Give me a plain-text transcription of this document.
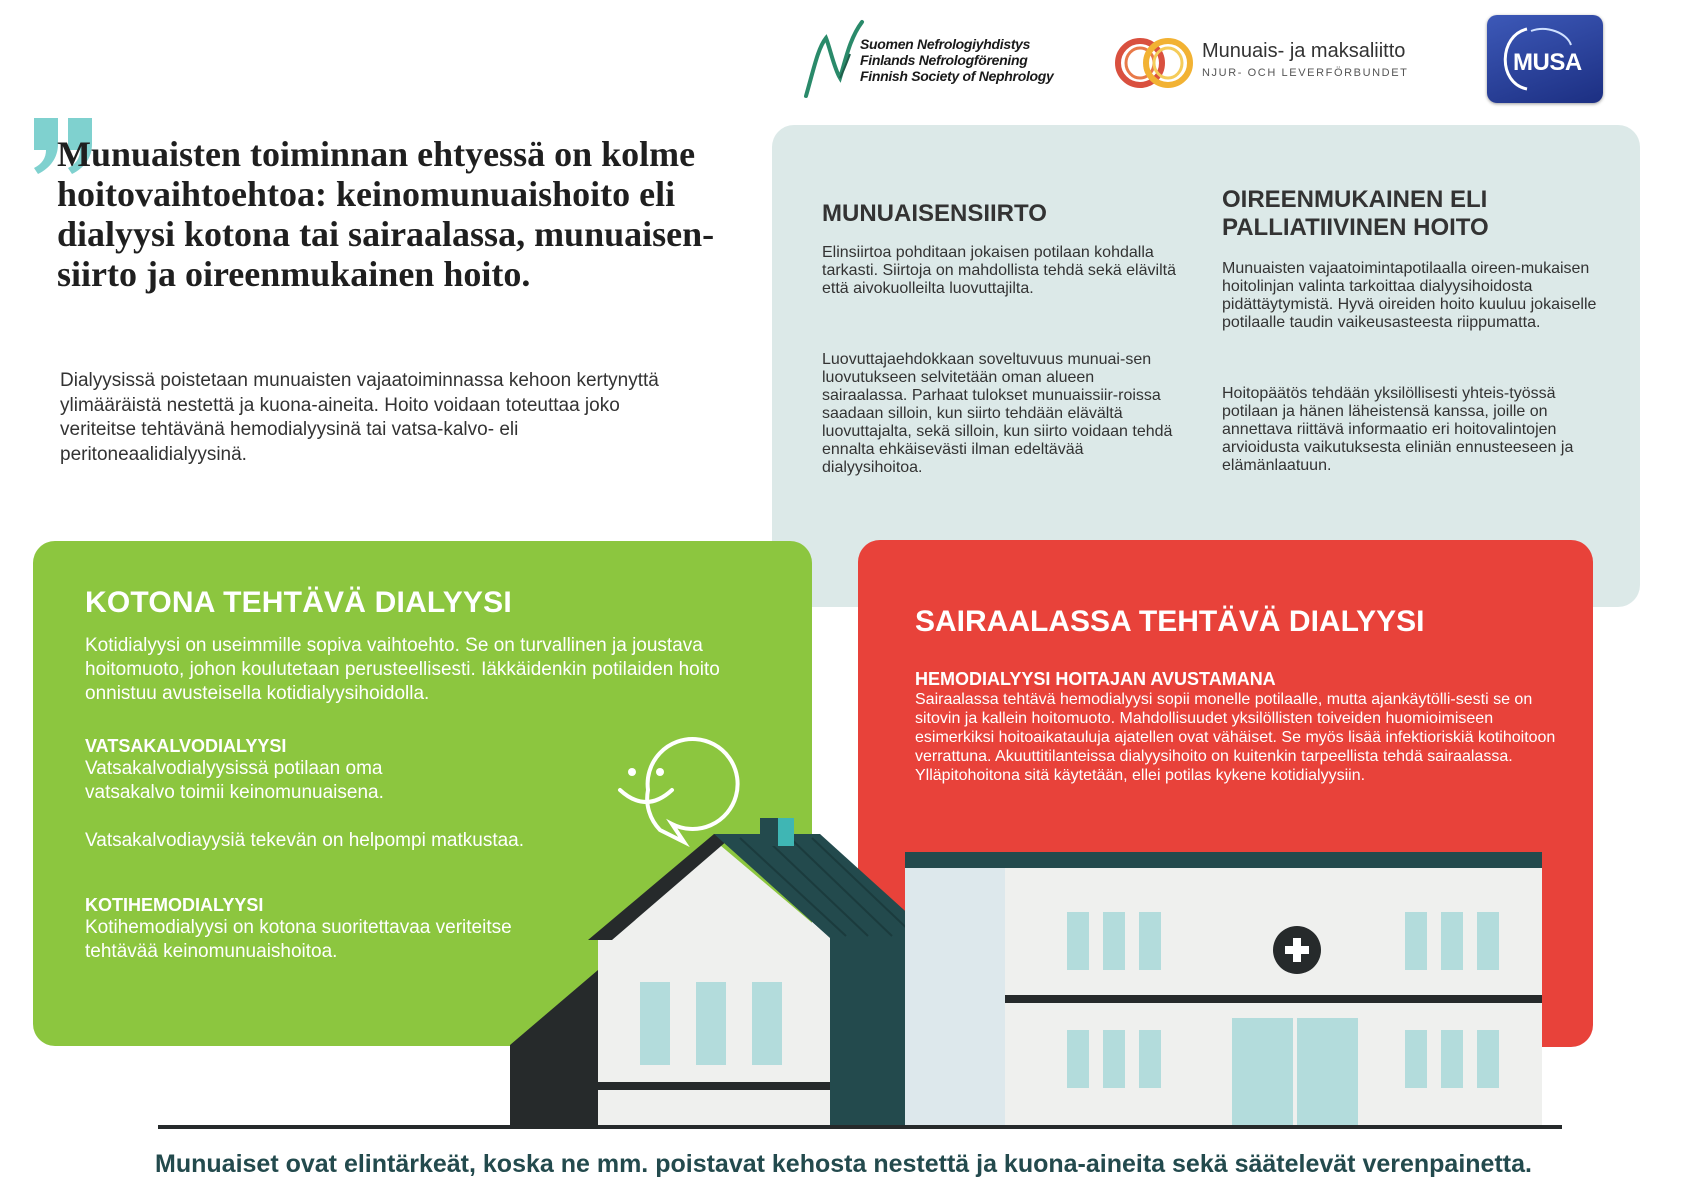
Suomen Nefrologiyhdistys
Finlands Nefrologförening
Finnish Society of Nephrology
Munuais- ja maksaliitto
NJUR- OCH LEVERFÖRBUNDET	MUSA
Munuaisten toiminnan ehtyessä on kolme hoitovaihtoehtoa: keinomunuaishoito eli dialyysi kotona tai sairaalassa, munuaisen-siirto ja oireenmukainen hoito.

Dialyysissä poistetaan munuaisten vajaatoiminnassa kehoon kertynyttä ylimääräistä nestettä ja kuona-aineita. Hoito voidaan toteuttaa joko veriteitse tehtävänä hemodialyysinä tai vatsa-kalvo- eli peritoneaalidialyysinä.

MUNUAISENSIIRTO

Elinsiirtoa pohditaan jokaisen potilaan kohdalla tarkasti. Siirtoja on mahdollista tehdä sekä eläviltä että aivokuolleilta luovuttajilta.

Luovuttajaehdokkaan soveltuvuus munuai-sen luovutukseen selvitetään oman alueen sairaalassa. Parhaat tulokset munuaissiir-roissa saadaan silloin, kun siirto tehdään elävältä luovuttajalta, sekä silloin, kun siirto voidaan tehdä ennalta ehkäisevästi ilman edeltävää dialyysihoitoa.

OIREENMUKAINEN ELI
PALLIATIIVINEN HOITO

Munuaisten vajaatoimintapotilaalla oireen-mukaisen hoitolinjan valinta tarkoittaa dialyysihoidosta pidättäytymistä. Hyvä oireiden hoito kuuluu jokaiselle potilaalle taudin vaikeusasteesta riippumatta.

Hoitopäätös tehdään yksilöllisesti yhteis-työssä potilaan ja hänen läheistensä kanssa, joille on annettava riittävä informaatio eri hoitovalintojen arvioidusta vaikutuksesta eliniän ennusteeseen ja elämänlaatuun.

KOTONA TEHTÄVÄ DIALYYSI

Kotidialyysi on useimmille sopiva vaihtoehto. Se on turvallinen ja joustava hoitomuoto, johon koulutetaan perusteellisesti. Iäkkäidenkin potilaiden hoito onnistuu avusteisella kotidialyysihoidolla.

VATSAKALVODIALYYSI

Vatsakalvodialyysissä potilaan oma vatsakalvo toimii keinomunuaisena.

Vatsakalvodiayysiä tekevän on helpompi matkustaa.

KOTIHEMODIALYYSI

Kotihemodialyysi on kotona suoritettavaa veriteitse tehtävää keinomunuaishoitoa.

SAIRAALASSA TEHTÄVÄ DIALYYSI
HEMODIALYYSI HOITAJAN AVUSTAMANA

Sairaalassa tehtävä hemodialyysi sopii monelle potilaalle, mutta ajankäytölli-sesti se on sitovin ja kallein hoitomuoto. Mahdollisuudet yksilöllisten toiveiden huomioimiseen esimerkiksi hoitoaikatauluja ajatellen ovat vähäiset. Se myös lisää infektioriskiä kotihoitoon verrattuna. Akuuttitilanteissa dialyysihoito on kuitenkin tarpeellista tehdä sairaalassa. Ylläpitohoitona sitä käytetään, ellei potilas kykene kotidialyysiin.

Munuaiset ovat elintärkeät, koska ne mm. poistavat kehosta nestettä ja kuona-aineita sekä säätelevät verenpainetta.
